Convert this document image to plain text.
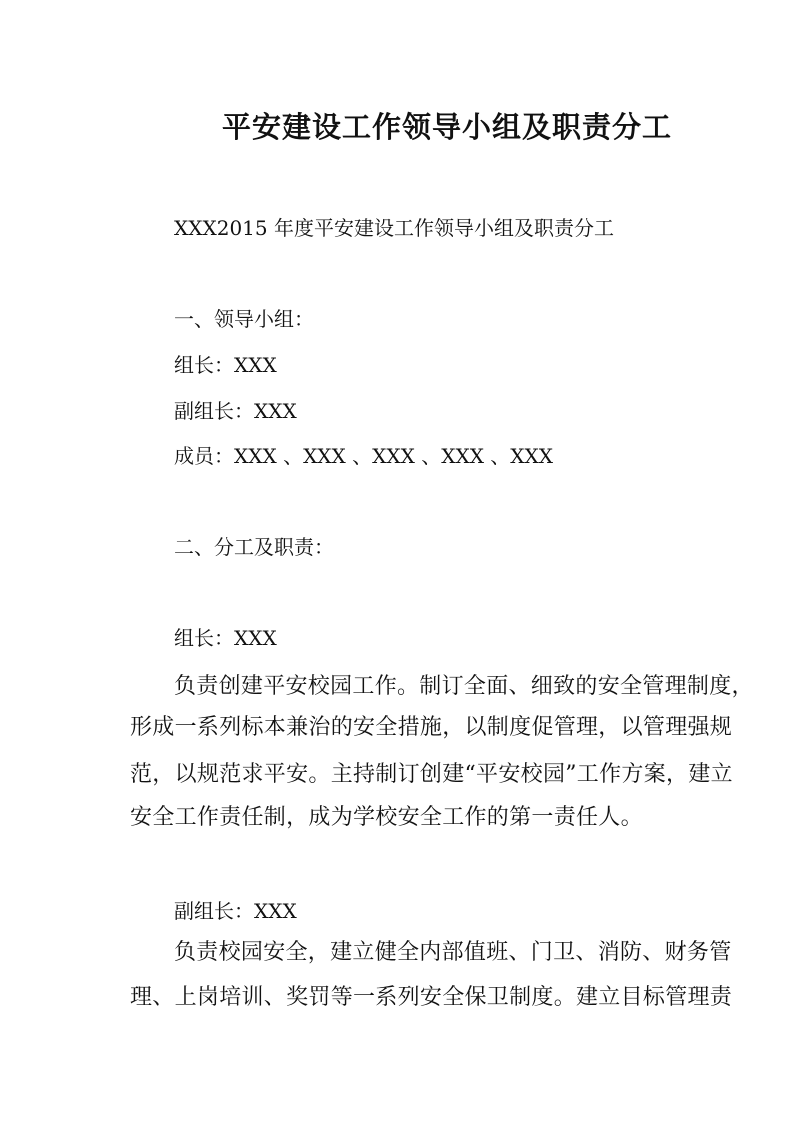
平安建设工作领导小组及职责分工
XXX2015 年度平安建设工作领导小组及职责分工
一、领导小组：
组长：XXX
副组长：XXX
成员：XXX 、XXX 、XXX 、XXX 、XXX
二、分工及职责：
组长：XXX
负责创建平安校园工作。制订全面、细致的安全管理制度，
形成一系列标本兼治的安全措施，以制度促管理，以管理强规
范，以规范求平安。主持制订创建“平安校园”工作方案，建立
安全工作责任制，成为学校安全工作的第一责任人。
副组长：XXX
负责校园安全，建立健全内部值班、门卫、消防、财务管
理、上岗培训、奖罚等一系列安全保卫制度。建立目标管理责
